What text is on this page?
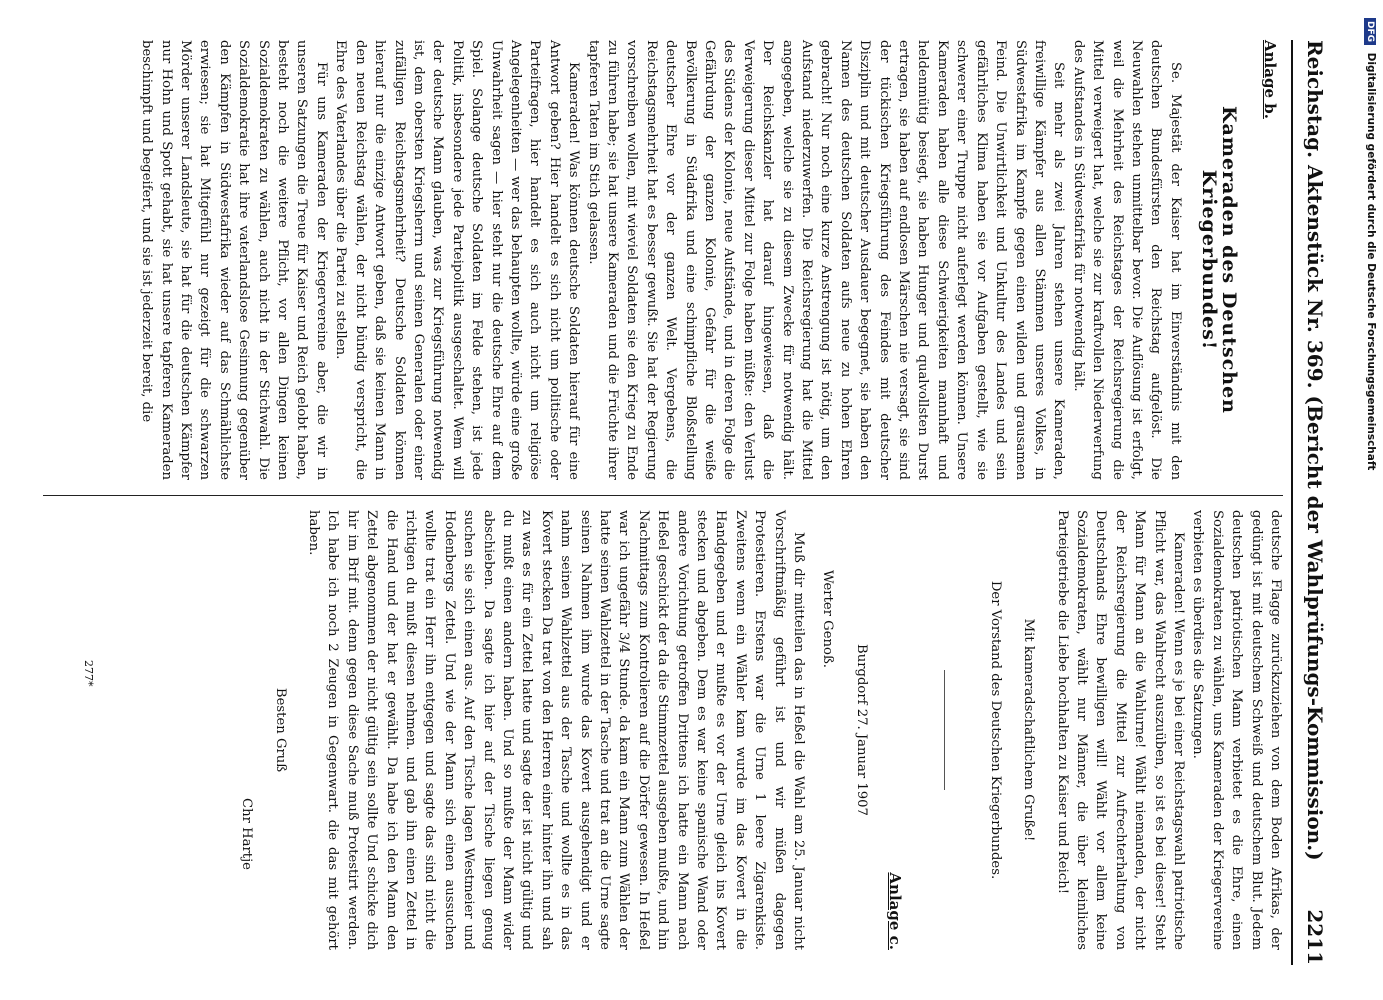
2211
Reichstag. Aktenstück Nr. 369. (Bericht der Wahlprüfungs-Kommission.)
Anlage b.
Kameraden des Deutschen Kriegerbundes!

Se. Majestät der Kaiser hat im Einverständnis mit den deutschen Bundesfürsten den Reichstag aufgelöst. Die Neuwahlen stehen unmittelbar bevor. Die Auflösung ist erfolgt, weil die Mehrheit des Reichstages der Reichsregierung die Mittel verweigert hat, welche sie zur kraftvollen Niederwerfung des Aufstandes in Südwestafrika für notwendig hält.

Seit mehr als zwei Jahren stehen unsere Kameraden, freiwillige Kämpfer aus allen Stämmen unseres Volkes, in Südwestafrika im Kampfe gegen einen wilden und grausamen Feind. Die Unwirtlichkeit und Unkultur des Landes und sein gefährliches Klima haben sie vor Aufgaben gestellt, wie sie schwerer einer Truppe nicht auferlegt werden können. Unsere Kameraden haben alle diese Schwierigkeiten mannhaft und heldenmütig besiegt, sie haben Hunger und qualvollsten Durst ertragen, sie haben auf endlosen Märschen nie versagt, sie sind der tückischen Kriegsführung des Feindes mit deutscher Disziplin und mit deutscher Ausdauer begegnet, sie haben den Namen des deutschen Soldaten aufs neue zu hohen Ehren gebracht! Nur noch eine kurze Anstrengung ist nötig, um den Aufstand niederzuwerfen. Die Reichsregierung hat die Mittel angegeben, welche sie zu diesem Zwecke für notwendig hält. Der Reichskanzler hat darauf hingewiesen, daß die Verweigerung dieser Mittel zur Folge haben müßte: den Verlust des Südens der Kolonie, neue Aufstände, und in deren Folge die Gefährdung der ganzen Kolonie, Gefahr für die weiße Bevölkerung in Südafrika und eine schimpfliche Bloßstellung deutscher Ehre vor der ganzen Welt. Vergebens, die Reichstagsmehrheit hat es besser gewußt. Sie hat der Regierung vorschreiben wollen, mit wieviel Soldaten sie den Krieg zu Ende zu führen habe; sie hat unsere Kameraden und die Früchte ihrer tapferen Taten im Stich gelassen.

Kameraden! Was können deutsche Soldaten hierauf für eine Antwort geben? Hier handelt es sich nicht um politische oder Parteifragen, hier handelt es sich auch nicht um religiöse Angelegenheiten — wer das behaupten wollte, würde eine große Unwahrheit sagen — hier steht nur die deutsche Ehre auf dem Spiel. Solange deutsche Soldaten im Felde stehen, ist jede Politik, insbesondere jede Parteipolitik ausgeschaltet. Wem will der deutsche Mann glauben, was zur Kriegsführung notwendig ist, dem obersten Kriegsherrn und seinen Generalen oder einer zufälligen Reichstagsmehrheit? Deutsche Soldaten können hierauf nur die einzige Antwort geben, daß sie keinen Mann in den neuen Reichstag wählen, der nicht bündig verspricht, die Ehre des Vaterlandes über die Partei zu stellen.

Für uns Kameraden der Kriegervereine aber, die wir in unseren Satzungen die Treue für Kaiser und Reich gelobt haben, besteht noch die weitere Pflicht, vor allen Dingen keinen Sozialdemokraten zu wählen, auch nicht in der Stichwahl. Die Sozialdemokratie hat ihre vaterlandslose Gesinnung gegenüber den Kämpfen in Südwestafrika wieder auf das Schmählichste erwiesen; sie hat Mitgefühl nur gezeigt für die schwarzen Mörder unserer Landsleute, sie hat für die deutschen Kämpfer nur Hohn und Spott gehabt, sie hat unsere tapferen Kameraden beschimpft und begeifert, und sie ist jederzeit bereit, die

deutsche Flagge zurückzuziehen von dem Boden Afrikas, der gedüngt ist mit deutschem Schweiß und deutschem Blut. Jedem deutschen patriotischen Mann verbietet es die Ehre, einen Sozialdemokraten zu wählen, uns Kameraden der Kriegervereine verbieten es überdies die Satzungen.

Kameraden! Wenn es je bei einer Reichstagswahl patriotische Pflicht war, das Wahlrecht auszuüben, so ist es bei dieser! Steht Mann für Mann an die Wahlurne! Wählt niemanden, der nicht der Reichsregierung die Mittel zur Aufrechterhaltung von Deutschlands Ehre bewilligen will! Wählt vor allem keine Sozialdemokraten, wählt nur Männer, die über kleinliches Parteigetriebe die Liebe hochhalten zu Kaiser und Reich!

Mit kameradschaftlichem Gruße!

Der Vorstand des Deutschen Kriegerbundes.

Anlage c.

Burgdorf 27. Januar 1907

Werter Genoß.

Muß dir mitteilen das in Heßel die Wahl am 25. Januar nicht Vorschriftmäßig geführt ist und wir müßen dagegen Protestieren. Erstens war die Urne 1 leere Zigarenkiste. Zweitens wenn ein Wähler kam wurde im das Kovert in die Handgegeben und er mußte es vor der Urne gleich ins Kovert stecken und abgeben. Dem es war keine spanische Wand oder andere Vorichtung getroffen Drittens ich hatte ein Mann nach Heßel geschickt der da die Stimmzettel ausgeben mußte, und hin Nachmittags zum Kontrolieren auf die Dörfer gewesen. In Heßel war ich ungefähr 3/4 Stunde. da kam ein Mann zum Wählen der hatte seinen Wahlzettel in der Tasche und trat an die Urne sagte seinen Nahmen ihm wurde das Kovert ausgehendigt und er nahm seinen Wahlzettel aus der Tasche und wollte es in das Kovert stecken Da trat von den Herren einer hinter ihn und sah zu was es für ein Zettel hatte und sagte der ist nicht gültig und du mußt einen andern haben. Und so mußte der Mann wider abschieben. Da sagte ich hier auf der Tische liegen genug suchen sie sich einen aus. Auf den Tische lagen Westmeier und Hodenbergs Zettel. Und wie der Mann sich einen aussuchen wollte trat ein Herr ihn entgegen und sagte das sind nicht die richtigen du mußt diesen nehmen. und gab ihn einen Zettel in die Hand und der hat er gewählt. Da habe ich den Mann den Zettel abgenommen der nicht gültig sein sollte Und schicke dich hir im Brif mit. denn gegen diese Sache muß Protestirt werden. Ich habe ich noch 2 Zeugen in Gegenwart. die das mit gehört haben.

Besten Gruß

Chr Hartje

277*
DFG Digitalisierung gefördert durch die Deutsche Forschungsgemeinschaft
